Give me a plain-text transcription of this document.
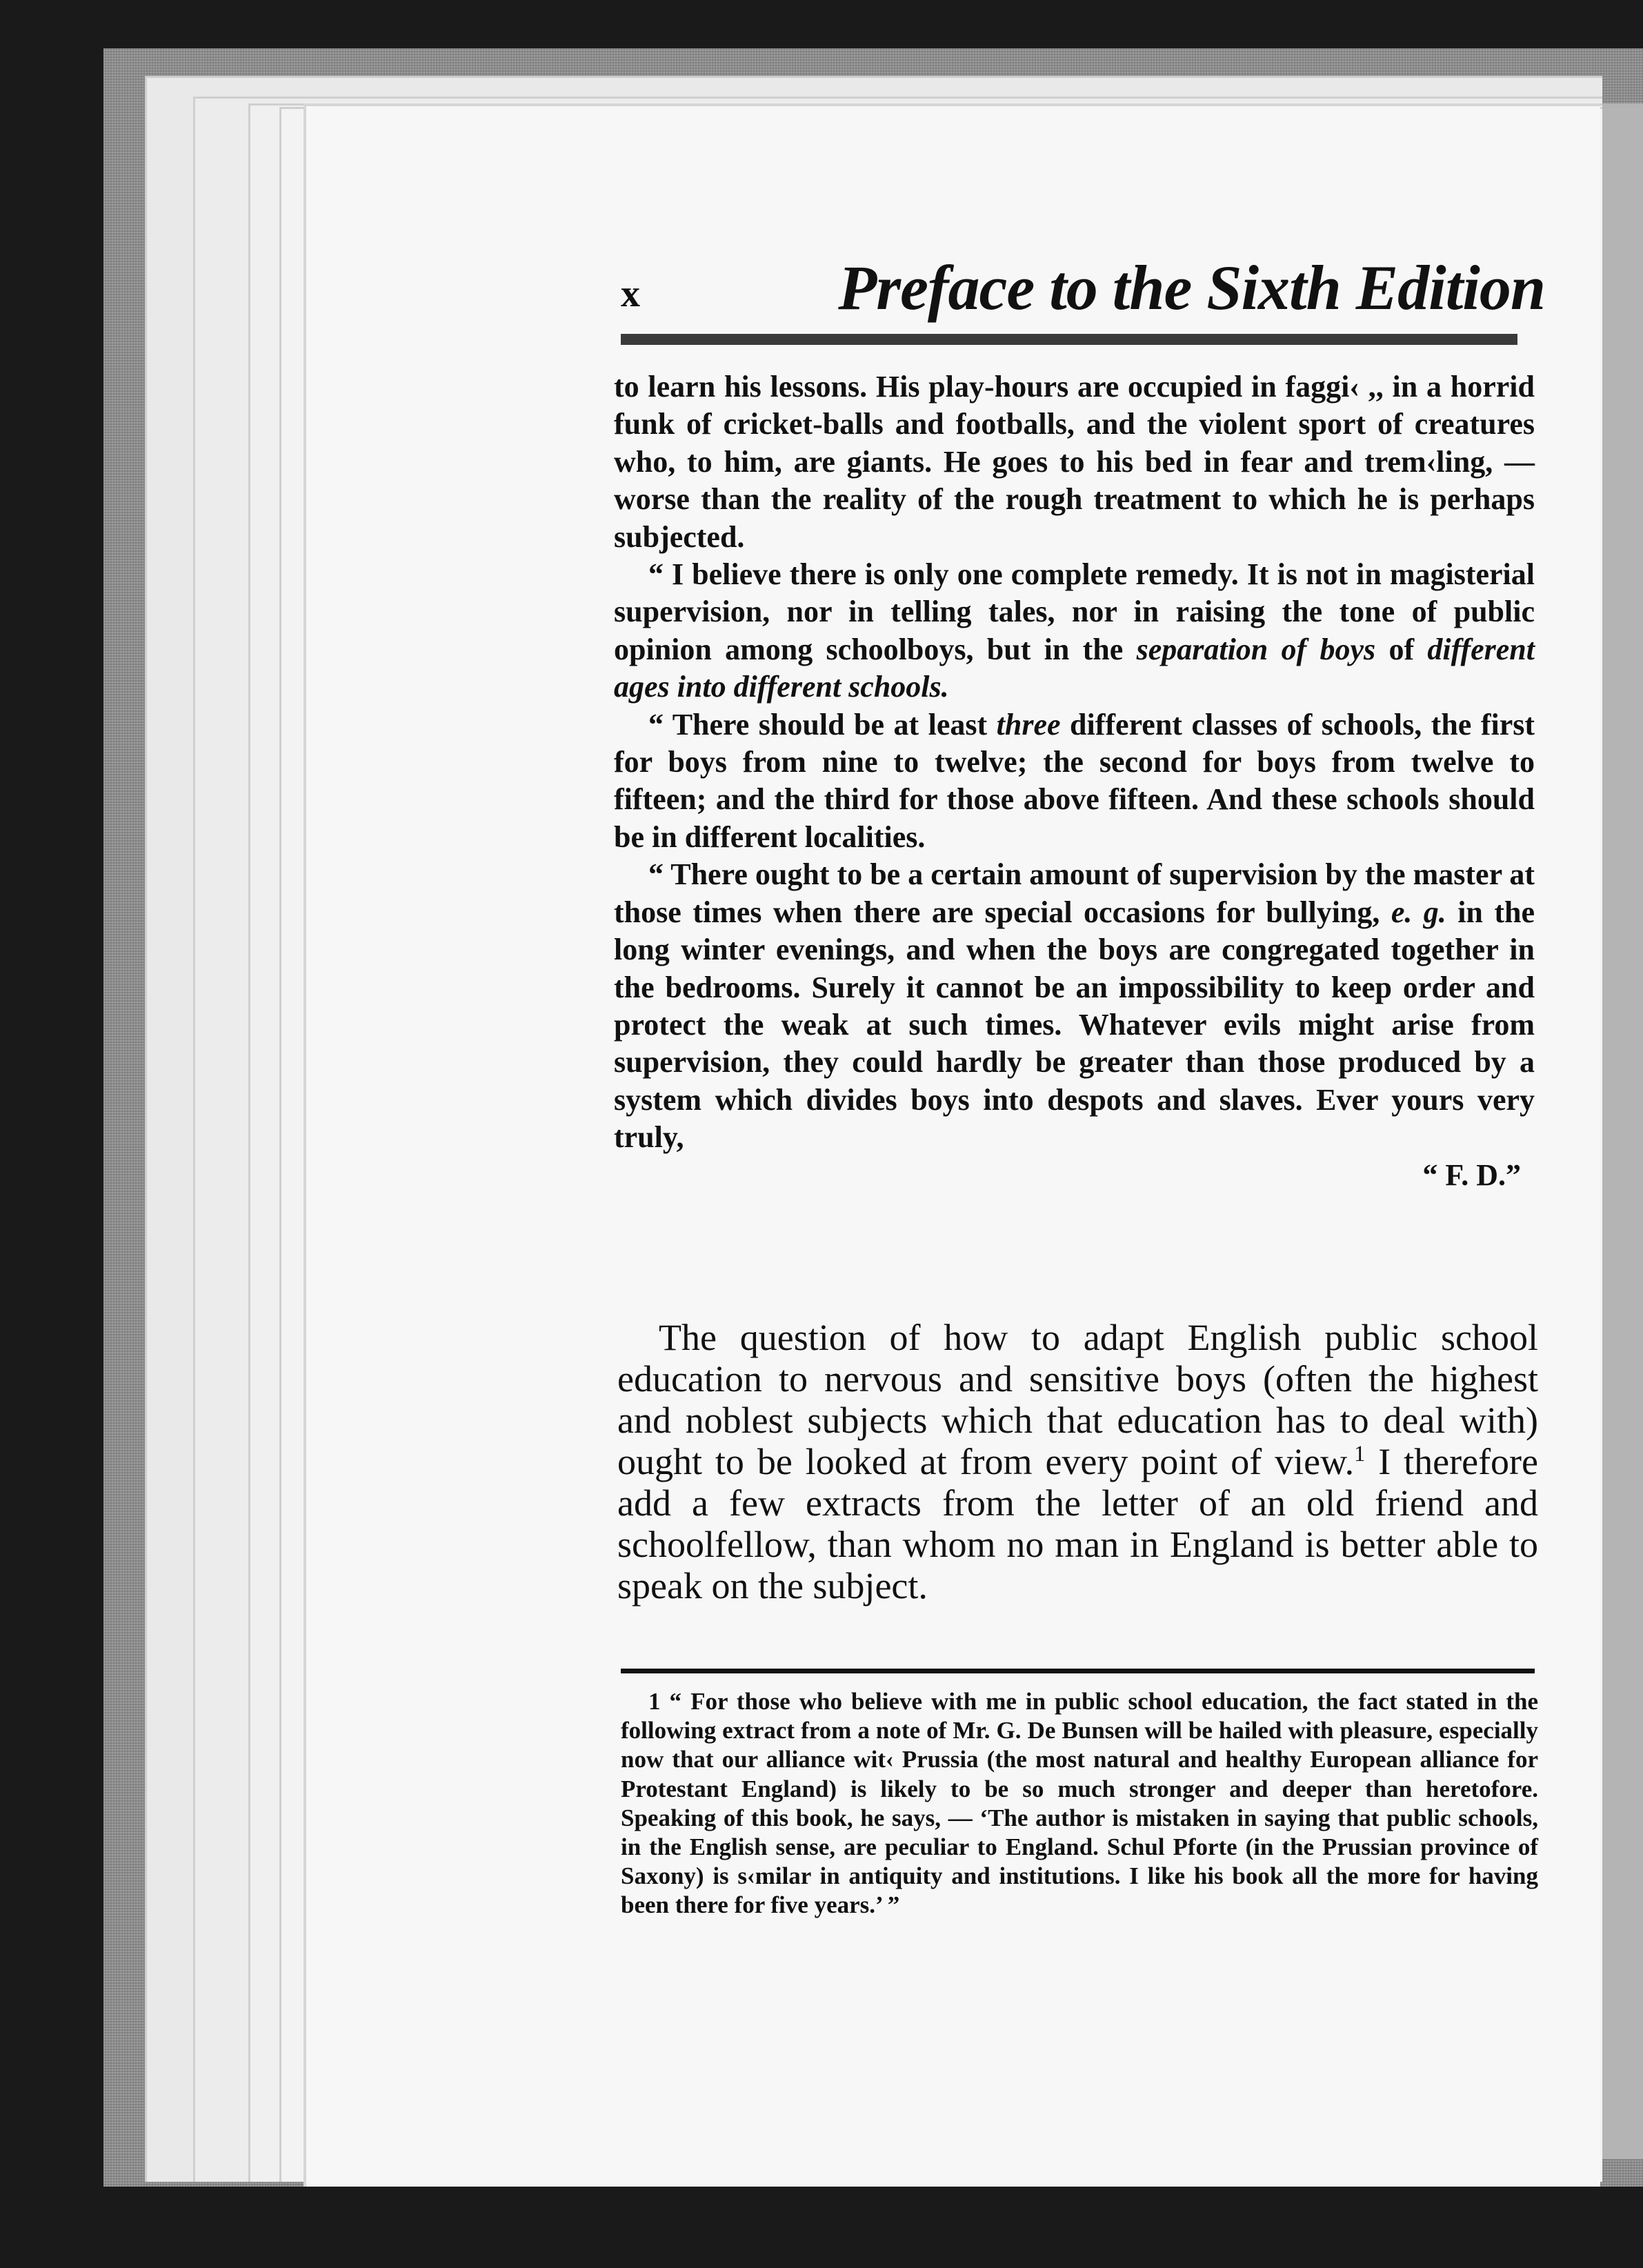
x	Preface to the Sixth Edition

to learn his lessons. His play-hours are occupied in faggi‹ ,, in a horrid funk of cricket-balls and footballs, and the violent sport of creatures who, to him, are giants. He goes to his bed in fear and trem‹ling, — worse than the reality of the rough treatment to which he is perhaps subjected.

“ I believe there is only one complete remedy. It is not in magisterial supervision, nor in telling tales, nor in raising the tone of public opinion among schoolboys, but in the separation of boys of different ages into different schools.

“ There should be at least three different classes of schools, the first for boys from nine to twelve; the second for boys from twelve to fifteen; and the third for those above fifteen. And these schools should be in different localities.

“ There ought to be a certain amount of supervision by the master at those times when there are special occasions for bullying, e. g. in the long winter evenings, and when the boys are congregated together in the bedrooms. Surely it cannot be an impossibility to keep order and protect the weak at such times. Whatever evils might arise from supervision, they could hardly be greater than those produced by a system which divides boys into despots and slaves. Ever yours very truly,

“ F. D.”

The question of how to adapt English public school education to nervous and sensitive boys (often the highest and noblest subjects which that education has to deal with) ought to be looked at from every point of view.$^1$ I therefore add a few extracts from the letter of an old friend and schoolfellow, than whom no man in England is better able to speak on the subject.

1 “ For those who believe with me in public school education, the fact stated in the following extract from a note of Mr. G. De Bunsen will be hailed with pleasure, especially now that our alliance wit‹ Prussia (the most natural and healthy European alliance for Protestant England) is likely to be so much stronger and deeper than heretofore. Speaking of this book, he says, — ‘The author is mistaken in saying that public schools, in the English sense, are peculiar to England. Schul Pforte (in the Prussian province of Saxony) is s‹milar in antiquity and institutions. I like his book all the more for having been there for five years.’ ”
